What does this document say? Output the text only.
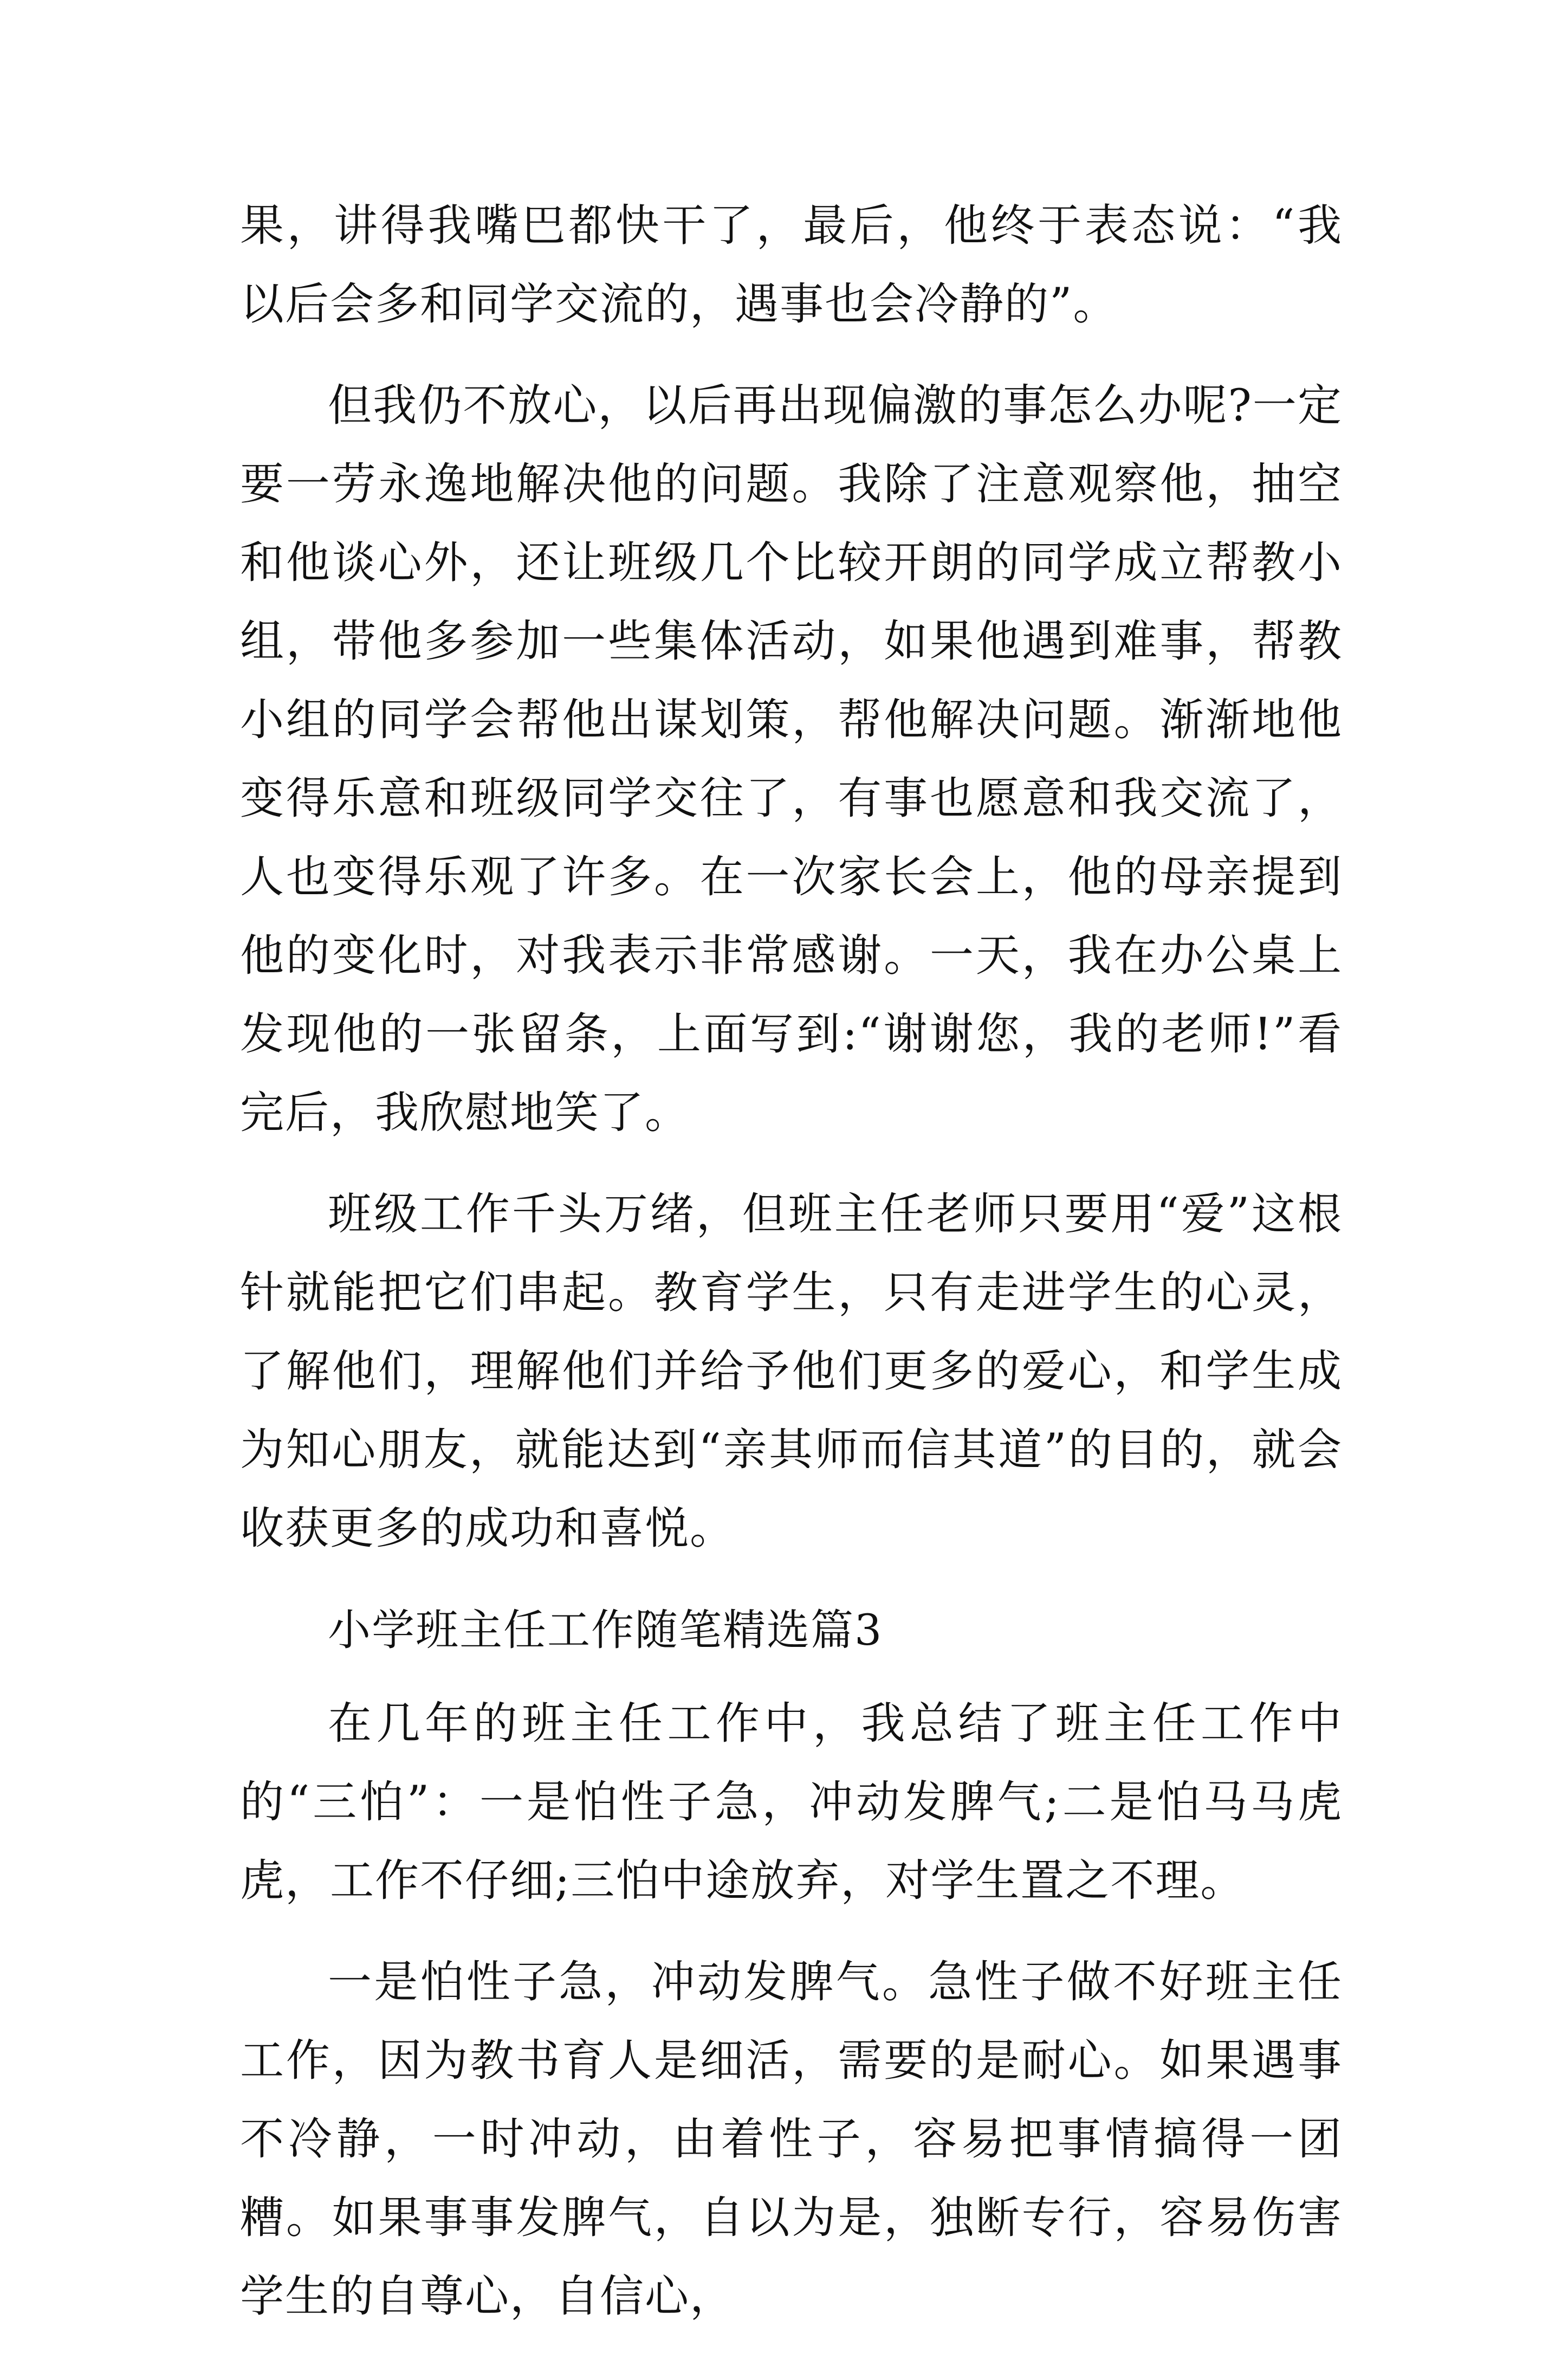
果，讲得我嘴巴都快干了，最后，他终于表态说：“我以后会多和同学交流的，遇事也会冷静的”。

但我仍不放心，以后再出现偏激的事怎么办呢?一定要一劳永逸地解决他的问题。我除了注意观察他，抽空和他谈心外，还让班级几个比较开朗的同学成立帮教小组，带他多参加一些集体活动，如果他遇到难事，帮教小组的同学会帮他出谋划策，帮他解决问题。渐渐地他变得乐意和班级同学交往了，有事也愿意和我交流了，人也变得乐观了许多。在一次家长会上，他的母亲提到他的变化时，对我表示非常感谢。一天，我在办公桌上发现他的一张留条，上面写到:“谢谢您，我的老师!”看完后，我欣慰地笑了。

班级工作千头万绪，但班主任老师只要用“爱”这根针就能把它们串起。教育学生，只有走进学生的心灵，了解他们，理解他们并给予他们更多的爱心，和学生成为知心朋友，就能达到“亲其师而信其道”的目的，就会收获更多的成功和喜悦。

小学班主任工作随笔精选篇3

在几年的班主任工作中，我总结了班主任工作中的“三怕”：一是怕性子急，冲动发脾气;二是怕马马虎虎，工作不仔细;三怕中途放弃，对学生置之不理。

一是怕性子急，冲动发脾气。急性子做不好班主任工作，因为教书育人是细活，需要的是耐心。如果遇事不冷静，一时冲动，由着性子，容易把事情搞得一团糟。如果事事发脾气，自以为是，独断专行，容易伤害学生的自尊心，自信心，
